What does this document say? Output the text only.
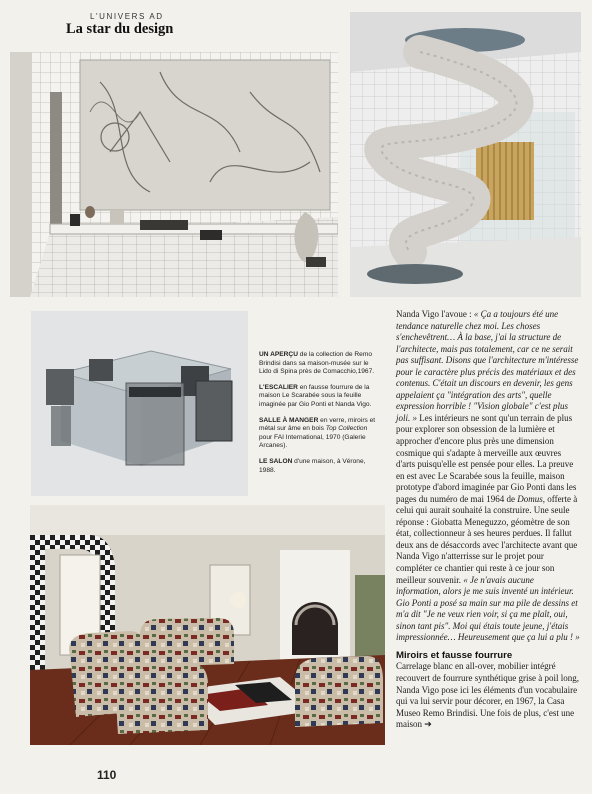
L'UNIVERS AD
La star du design

UN APERÇU de la collection de Remo Brindisi dans sa maison-musée sur le Lido di Spina près de Comacchio,1967.

L'ESCALIER en fausse fourrure de la maison Le Scarabée sous la feuille imaginée par Gio Ponti et Nanda Vigo.

SALLE À MANGER en verre, miroirs et métal sur âme en bois Top Collection pour FAI International, 1970 (Galerie Arcanes).

LE SALON d'une maison, à Vérone, 1988.

Nanda Vigo l'avoue : « Ça a toujours été une tendance naturelle chez moi. Les choses s'enchevêtrent… À la base, j'ai la structure de l'architecte, mais pas totalement, car ce ne serait pas suffisant. Disons que l'architecture m'intéresse pour le caractère plus précis des matériaux et des contenus. C'était un discours en devenir, les gens appelaient ça "intégration des arts", quelle expression horrible ! "Vision globale" c'est plus joli. » Les intérieurs ne sont qu'un terrain de plus pour explorer son obsession de la lumière et approcher d'encore plus près une dimension cosmique qui s'adapte à merveille aux œuvres d'arts puisqu'elle est pensée pour elles. La preuve en est avec Le Scarabée sous la feuille, maison prototype d'abord imaginée par Gio Ponti dans les pages du numéro de mai 1964 de Domus, offerte à celui qui aurait souhaité la construire. Une seule réponse : Giobatta Meneguzzo, géomètre de son état, collectionneur à ses heures perdues. Il fallut deux ans de désaccords avec l'architecte avant que Nanda Vigo n'atterrisse sur le projet pour compléter ce chantier qui reste à ce jour son meilleur souvenir. « Je n'avais aucune information, alors je me suis inventé un intérieur. Gio Ponti a posé sa main sur ma pile de dessins et m'a dit "Je ne veux rien voir, si ça me plaît, oui, sinon tant pis". Moi qui étais toute jeune, j'étais impressionnée… Heureusement que ça lui a plu ! »

Miroirs et fausse fourrure

Carrelage blanc en all-over, mobilier intégré recouvert de fourrure synthétique grise à poil long, Nanda Vigo pose ici les éléments d'un vocabulaire qui va lui servir pour décorer, en 1967, la Casa Museo Remo Brindisi. Une fois de plus, c'est une maison ➔

110
